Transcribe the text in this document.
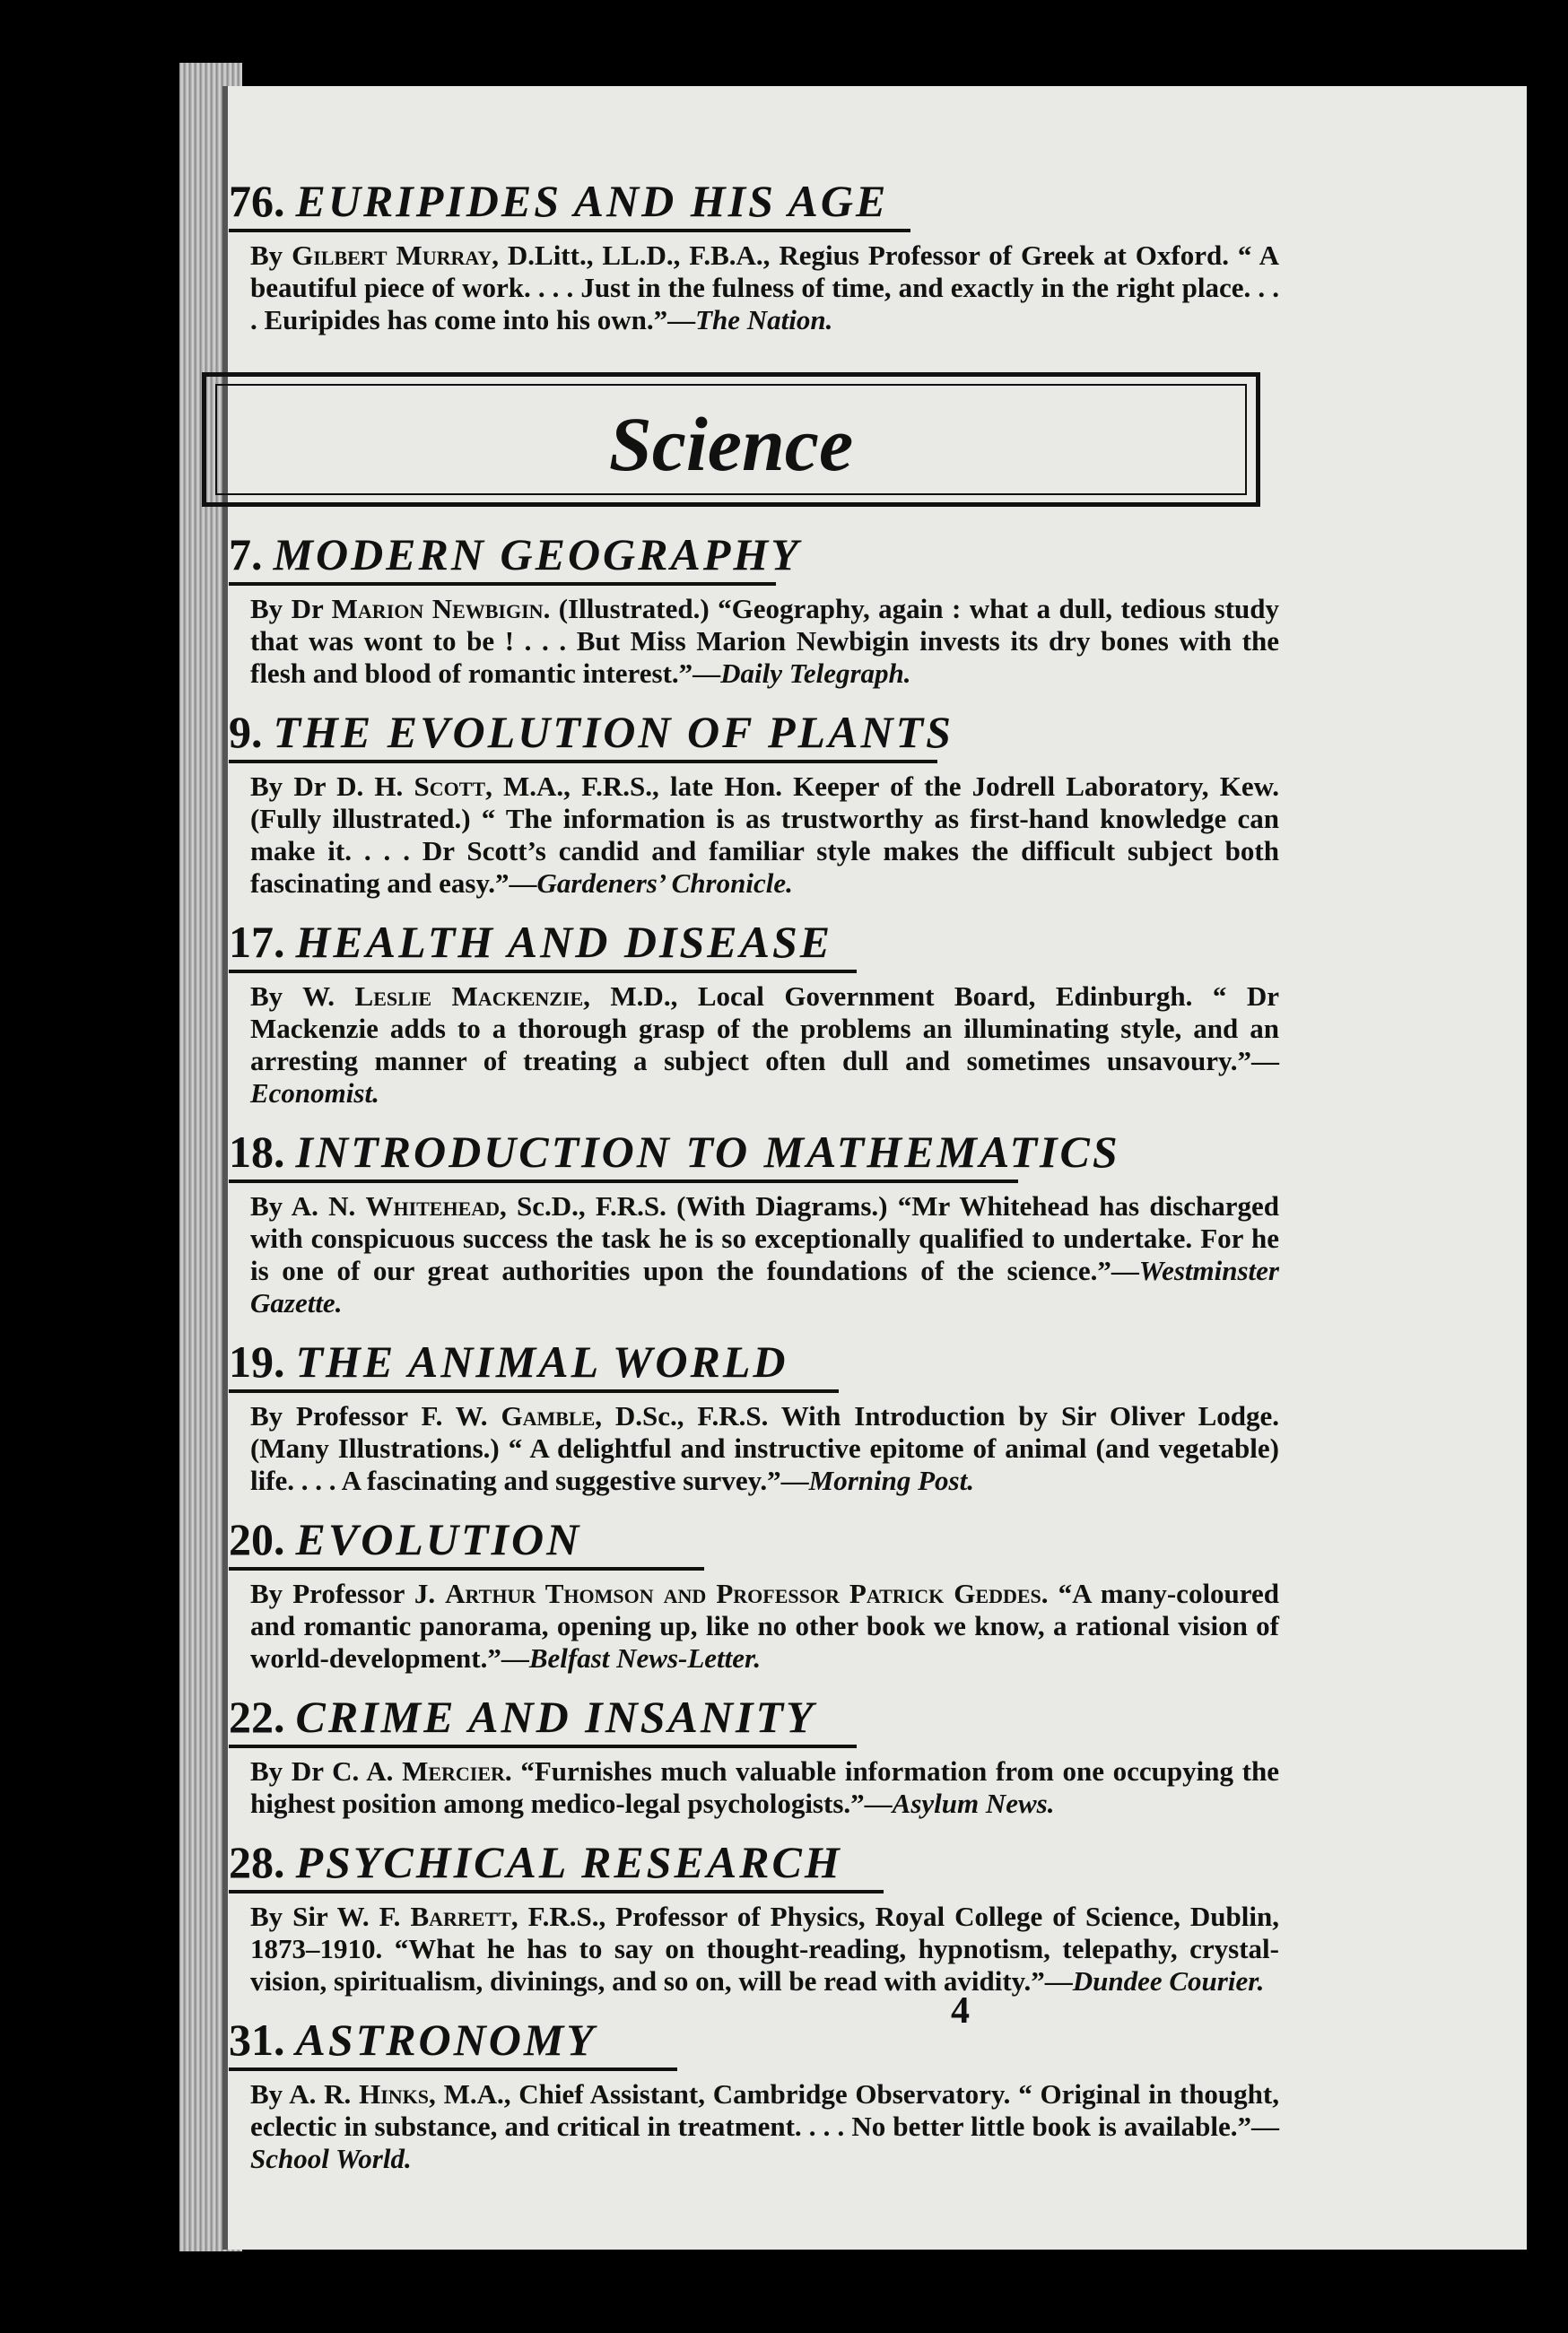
76. EURIPIDES AND HIS AGE
By Gilbert Murray, D.Litt., LL.D., F.B.A., Regius Professor of Greek at Oxford. “ A beautiful piece of work. . . . Just in the fulness of time, and exactly in the right place. . . . Euripides has come into his own.”—The Nation.
Science
7. MODERN GEOGRAPHY
By Dr Marion Newbigin. (Illustrated.) “Geography, again : what a dull, tedious study that was wont to be ! . . . But Miss Marion Newbigin invests its dry bones with the flesh and blood of romantic interest.”—Daily Telegraph.
9. THE EVOLUTION OF PLANTS
By Dr D. H. Scott, M.A., F.R.S., late Hon. Keeper of the Jodrell Laboratory, Kew. (Fully illustrated.) “ The information is as trustworthy as first-hand knowledge can make it. . . . Dr Scott’s candid and familiar style makes the difficult subject both fascinating and easy.”—Gardeners’ Chronicle.
17. HEALTH AND DISEASE
By W. Leslie Mackenzie, M.D., Local Government Board, Edinburgh. “ Dr Mackenzie adds to a thorough grasp of the problems an illuminating style, and an arresting manner of treating a subject often dull and sometimes unsavoury.”—Economist.
18. INTRODUCTION TO MATHEMATICS
By A. N. Whitehead, Sc.D., F.R.S. (With Diagrams.) “Mr Whitehead has discharged with conspicuous success the task he is so exceptionally qualified to undertake. For he is one of our great authorities upon the foundations of the science.”—Westminster Gazette.
19. THE ANIMAL WORLD
By Professor F. W. Gamble, D.Sc., F.R.S. With Introduction by Sir Oliver Lodge. (Many Illustrations.) “ A delightful and instructive epitome of animal (and vegetable) life. . . . A fascinating and suggestive survey.”—Morning Post.
20. EVOLUTION
By Professor J. Arthur Thomson and Professor Patrick Geddes. “A many-coloured and romantic panorama, opening up, like no other book we know, a rational vision of world-development.”—Belfast News-Letter.
22. CRIME AND INSANITY
By Dr C. A. Mercier. “Furnishes much valuable information from one occupying the highest position among medico-legal psychologists.”—Asylum News.
28. PSYCHICAL RESEARCH
By Sir W. F. Barrett, F.R.S., Professor of Physics, Royal College of Science, Dublin, 1873–1910. “What he has to say on thought-reading, hypnotism, telepathy, crystal-vision, spiritualism, divinings, and so on, will be read with avidity.”—Dundee Courier.
31. ASTRONOMY
By A. R. Hinks, M.A., Chief Assistant, Cambridge Observatory. “ Original in thought, eclectic in substance, and critical in treatment. . . . No better little book is available.”—School World.
4
